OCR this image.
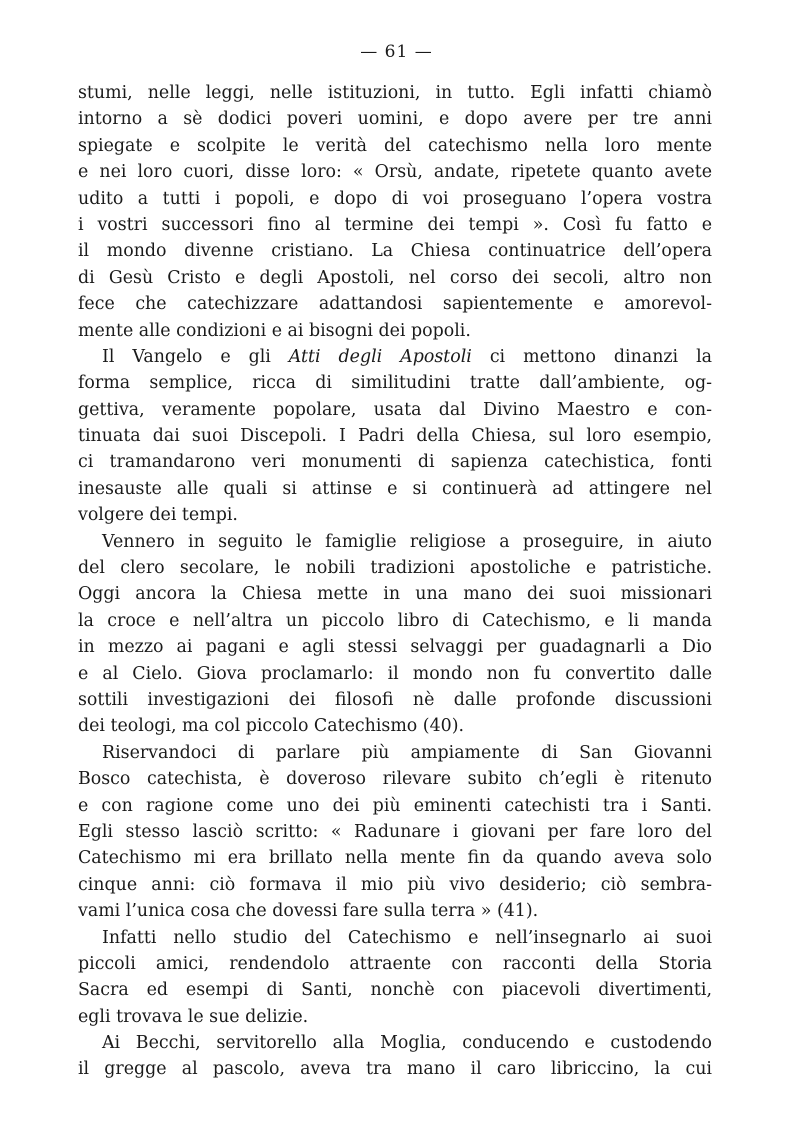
— 61 —
stumi, nelle leggi, nelle istituzioni, in tutto. Egli infatti chiamò
intorno a sè dodici poveri uomini, e dopo avere per tre anni
spiegate e scolpite le verità del catechismo nella loro mente
e nei loro cuori, disse loro: « Orsù, andate, ripetete quanto avete
udito a tutti i popoli, e dopo di voi proseguano l’opera vostra
i vostri successori fino al termine dei tempi ». Così fu fatto e
il mondo divenne cristiano. La Chiesa continuatrice dell’opera
di Gesù Cristo e degli Apostoli, nel corso dei secoli, altro non
fece che catechizzare adattandosi sapientemente e amorevol-
mente alle condizioni e ai bisogni dei popoli.
Il Vangelo e gli Atti degli Apostoli ci mettono dinanzi la
forma semplice, ricca di similitudini tratte dall’ambiente, og-
gettiva, veramente popolare, usata dal Divino Maestro e con-
tinuata dai suoi Discepoli. I Padri della Chiesa, sul loro esempio,
ci tramandarono veri monumenti di sapienza catechistica, fonti
inesauste alle quali si attinse e si continuerà ad attingere nel
volgere dei tempi.
Vennero in seguito le famiglie religiose a proseguire, in aiuto
del clero secolare, le nobili tradizioni apostoliche e patristiche.
Oggi ancora la Chiesa mette in una mano dei suoi missionari
la croce e nell’altra un piccolo libro di Catechismo, e li manda
in mezzo ai pagani e agli stessi selvaggi per guadagnarli a Dio
e al Cielo. Giova proclamarlo: il mondo non fu convertito dalle
sottili investigazioni dei filosofi nè dalle profonde discussioni
dei teologi, ma col piccolo Catechismo (40).
Riservandoci di parlare più ampiamente di San Giovanni
Bosco catechista, è doveroso rilevare subito ch’egli è ritenuto
e con ragione come uno dei più eminenti catechisti tra i Santi.
Egli stesso lasciò scritto: « Radunare i giovani per fare loro del
Catechismo mi era brillato nella mente fin da quando aveva solo
cinque anni: ciò formava il mio più vivo desiderio; ciò sembra-
vami l’unica cosa che dovessi fare sulla terra » (41).
Infatti nello studio del Catechismo e nell’insegnarlo ai suoi
piccoli amici, rendendolo attraente con racconti della Storia
Sacra ed esempi di Santi, nonchè con piacevoli divertimenti,
egli trovava le sue delizie.
Ai Becchi, servitorello alla Moglia, conducendo e custodendo
il gregge al pascolo, aveva tra mano il caro libriccino, la cui
